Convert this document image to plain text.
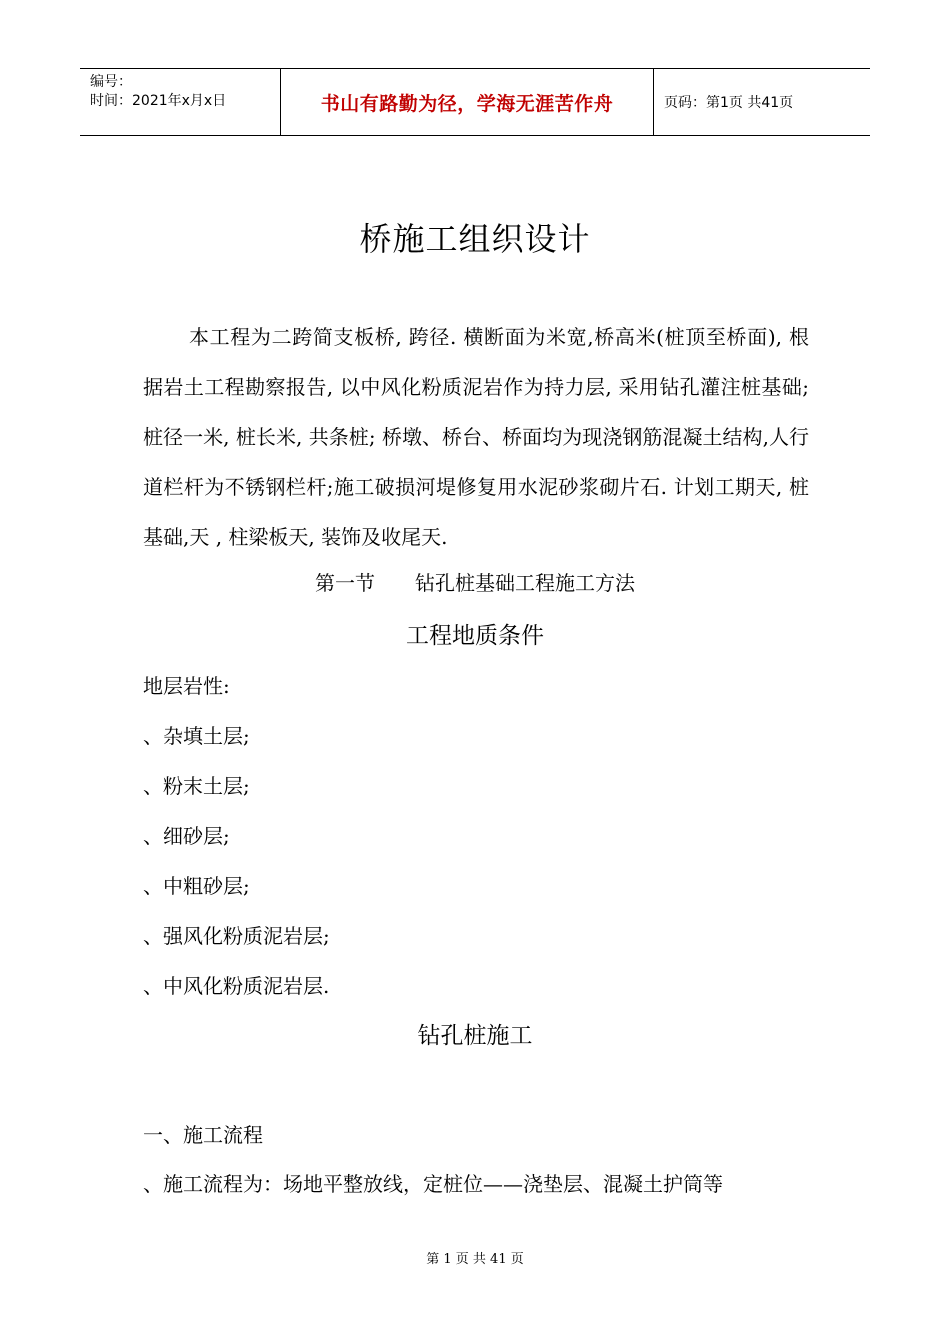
编号：
时间：2021年x月x日	书山有路勤为径，学海无涯苦作舟	页码：第1页 共41页
桥施工组织设计

本工程为二跨简支板桥, 跨径. 横断面为米宽,桥高米(桩顶至桥面), 根据岩土工程勘察报告, 以中风化粉质泥岩作为持力层, 采用钻孔灌注桩基础; 桩径一米, 桩长米, 共条桩; 桥墩、桥台、桥面均为现浇钢筋混凝土结构,人行道栏杆为不锈钢栏杆;施工破损河堤修复用水泥砂浆砌片石. 计划工期天, 桩基础,天 , 柱梁板天, 装饰及收尾天.

第一节　　钻孔桩基础工程施工方法
工程地质条件
地层岩性:
、杂填土层;
、粉末土层;
、细砂层;
、中粗砂层;
、强风化粉质泥岩层;
、中风化粉质泥岩层.
钻孔桩施工
一、施工流程
、施工流程为：场地平整放线，定桩位——浇垫层、混凝土护筒等
第 1 页 共 41 页
